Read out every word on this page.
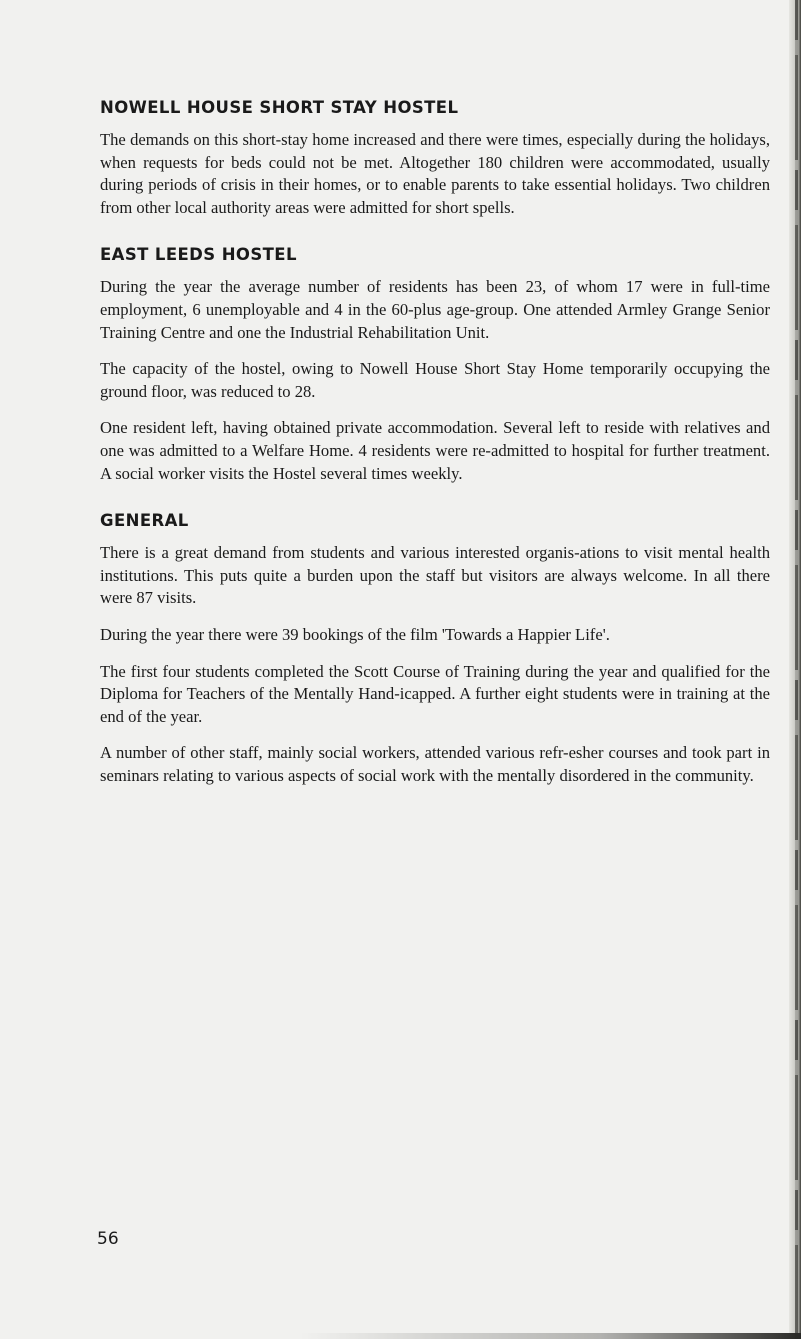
NOWELL HOUSE SHORT STAY HOSTEL

The demands on this short-stay home increased and there were times, especially during the holidays, when requests for beds could not be met. Altogether 180 children were accommodated, usually during periods of crisis in their homes, or to enable parents to take essential holidays. Two children from other local authority areas were admitted for short spells.

EAST LEEDS HOSTEL

During the year the average number of residents has been 23, of whom 17 were in full-time employment, 6 unemployable and 4 in the 60-plus age-group. One attended Armley Grange Senior Training Centre and one the Industrial Rehabilitation Unit.

The capacity of the hostel, owing to Nowell House Short Stay Home temporarily occupying the ground floor, was reduced to 28.

One resident left, having obtained private accommodation. Several left to reside with relatives and one was admitted to a Welfare Home. 4 residents were re-admitted to hospital for further treatment. A social worker visits the Hostel several times weekly.

GENERAL

There is a great demand from students and various interested organis-ations to visit mental health institutions. This puts quite a burden upon the staff but visitors are always welcome. In all there were 87 visits.

During the year there were 39 bookings of the film 'Towards a Happier Life'.

The first four students completed the Scott Course of Training during the year and qualified for the Diploma for Teachers of the Mentally Hand-icapped. A further eight students were in training at the end of the year.

A number of other staff, mainly social workers, attended various refr-esher courses and took part in seminars relating to various aspects of social work with the mentally disordered in the community.

56
